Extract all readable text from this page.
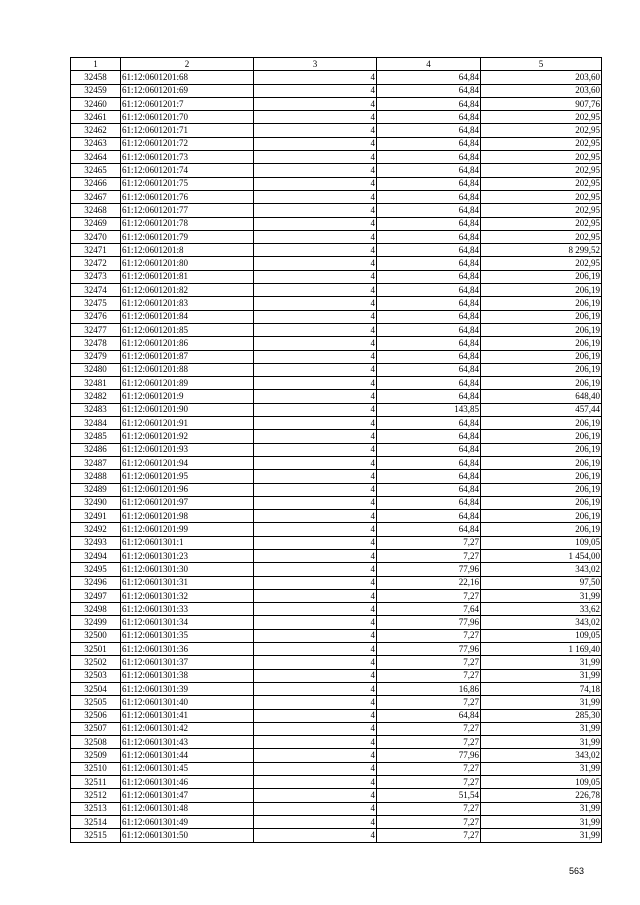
1	2	3	4	5
32458	61:12:0601201:68	4	64,84	203,60
32459	61:12:0601201:69	4	64,84	203,60
32460	61:12:0601201:7	4	64,84	907,76
32461	61:12:0601201:70	4	64,84	202,95
32462	61:12:0601201:71	4	64,84	202,95
32463	61:12:0601201:72	4	64,84	202,95
32464	61:12:0601201:73	4	64,84	202,95
32465	61:12:0601201:74	4	64,84	202,95
32466	61:12:0601201:75	4	64,84	202,95
32467	61:12:0601201:76	4	64,84	202,95
32468	61:12:0601201:77	4	64,84	202,95
32469	61:12:0601201:78	4	64,84	202,95
32470	61:12:0601201:79	4	64,84	202,95
32471	61:12:0601201:8	4	64,84	8 299,52
32472	61:12:0601201:80	4	64,84	202,95
32473	61:12:0601201:81	4	64,84	206,19
32474	61:12:0601201:82	4	64,84	206,19
32475	61:12:0601201:83	4	64,84	206,19
32476	61:12:0601201:84	4	64,84	206,19
32477	61:12:0601201:85	4	64,84	206,19
32478	61:12:0601201:86	4	64,84	206,19
32479	61:12:0601201:87	4	64,84	206,19
32480	61:12:0601201:88	4	64,84	206,19
32481	61:12:0601201:89	4	64,84	206,19
32482	61:12:0601201:9	4	64,84	648,40
32483	61:12:0601201:90	4	143,85	457,44
32484	61:12:0601201:91	4	64,84	206,19
32485	61:12:0601201:92	4	64,84	206,19
32486	61:12:0601201:93	4	64,84	206,19
32487	61:12:0601201:94	4	64,84	206,19
32488	61:12:0601201:95	4	64,84	206,19
32489	61:12:0601201:96	4	64,84	206,19
32490	61:12:0601201:97	4	64,84	206,19
32491	61:12:0601201:98	4	64,84	206,19
32492	61:12:0601201:99	4	64,84	206,19
32493	61:12:0601301:1	4	7,27	109,05
32494	61:12:0601301:23	4	7,27	1 454,00
32495	61:12:0601301:30	4	77,96	343,02
32496	61:12:0601301:31	4	22,16	97,50
32497	61:12:0601301:32	4	7,27	31,99
32498	61:12:0601301:33	4	7,64	33,62
32499	61:12:0601301:34	4	77,96	343,02
32500	61:12:0601301:35	4	7,27	109,05
32501	61:12:0601301:36	4	77,96	1 169,40
32502	61:12:0601301:37	4	7,27	31,99
32503	61:12:0601301:38	4	7,27	31,99
32504	61:12:0601301:39	4	16,86	74,18
32505	61:12:0601301:40	4	7,27	31,99
32506	61:12:0601301:41	4	64,84	285,30
32507	61:12:0601301:42	4	7,27	31,99
32508	61:12:0601301:43	4	7,27	31,99
32509	61:12:0601301:44	4	77,96	343,02
32510	61:12:0601301:45	4	7,27	31,99
32511	61:12:0601301:46	4	7,27	109,05
32512	61:12:0601301:47	4	51,54	226,78
32513	61:12:0601301:48	4	7,27	31,99
32514	61:12:0601301:49	4	7,27	31,99
32515	61:12:0601301:50	4	7,27	31,99
563
